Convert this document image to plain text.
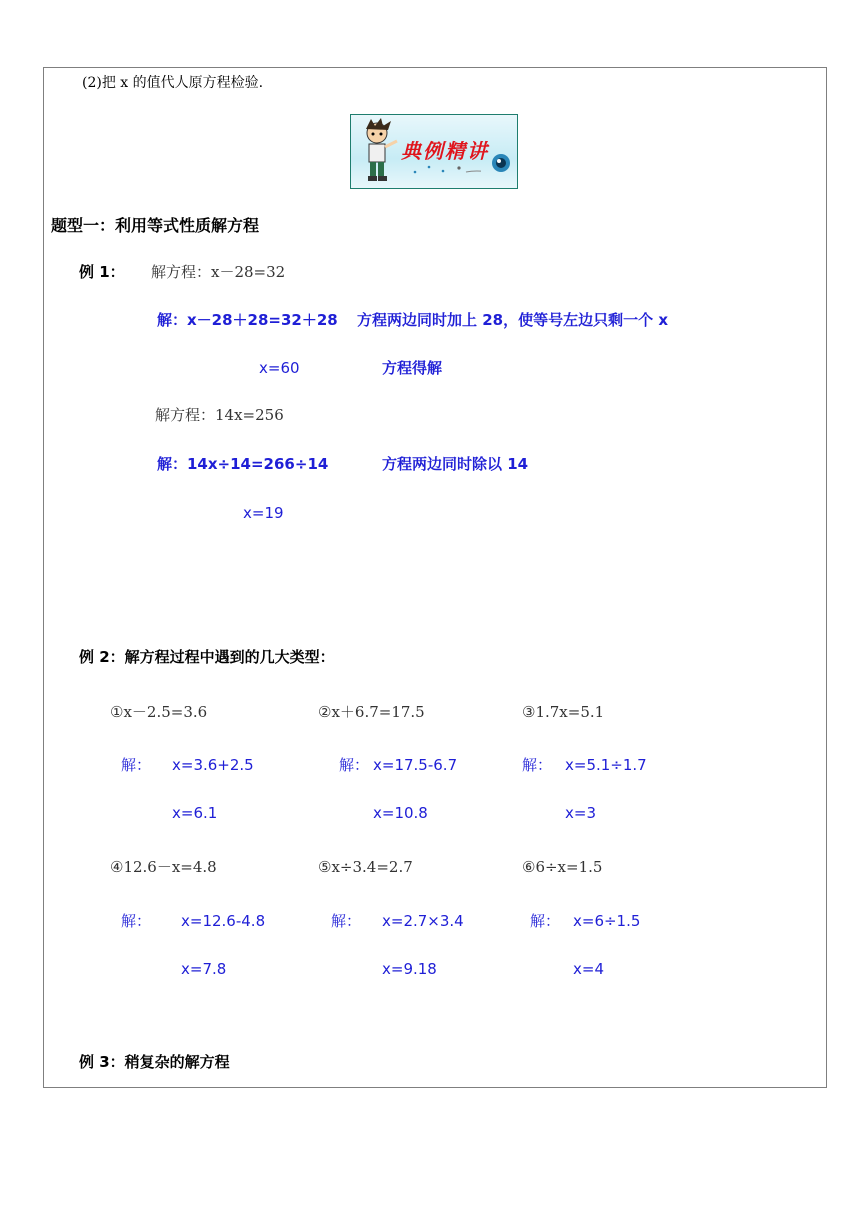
(2)把 x 的值代人原方程检验.
典例精讲
题型一：利用等式性质解方程
例 1： 解方程：x－28=32
解：x－28＋28=32＋28 方程两边同时加上 28，使等号左边只剩一个 x
x=60	方程得解
解方程：14x=256
解：14x÷14=266÷14	方程两边同时除以 14
x=19
例 2：解方程过程中遇到的几大类型：
①x－2.5=3.6	②x＋6.7=17.5	③1.7x=5.1
解： x=3.6+2.5	解： x=17.5-6.7	解： x=5.1÷1.7
x=6.1	x=10.8	x=3
④12.6－x=4.8	⑤x÷3.4=2.7	⑥6÷x=1.5
解： x=12.6-4.8	解： x=2.7×3.4	解： x=6÷1.5
x=7.8	x=9.18	x=4
例 3：稍复杂的解方程
